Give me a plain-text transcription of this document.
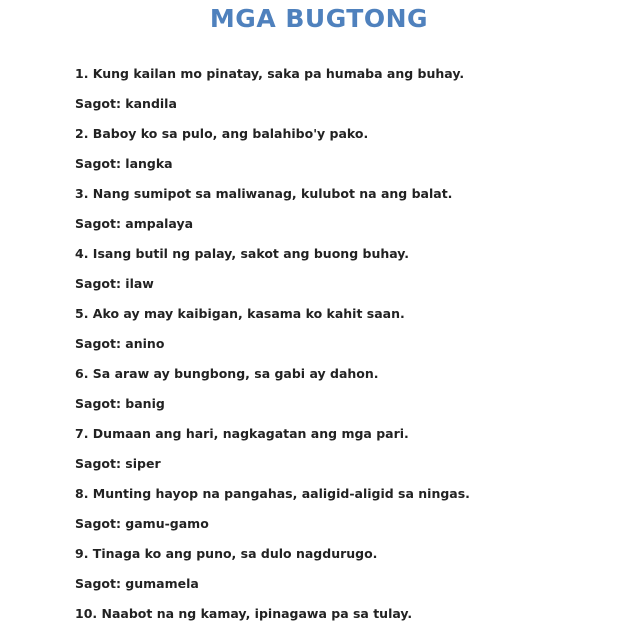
MGA BUGTONG
1. Kung kailan mo pinatay, saka pa humaba ang buhay.
Sagot: kandila
2. Baboy ko sa pulo, ang balahibo'y pako.
Sagot: langka
3. Nang sumipot sa maliwanag, kulubot na ang balat.
Sagot: ampalaya
4. Isang butil ng palay, sakot ang buong buhay.
Sagot: ilaw
5. Ako ay may kaibigan, kasama ko kahit saan.
Sagot: anino
6. Sa araw ay bungbong, sa gabi ay dahon.
Sagot: banig
7. Dumaan ang hari, nagkagatan ang mga pari.
Sagot: siper
8. Munting hayop na pangahas, aaligid-aligid sa ningas.
Sagot: gamu-gamo
9. Tinaga ko ang puno, sa dulo nagdurugo.
Sagot: gumamela
10. Naabot na ng kamay, ipinagawa pa sa tulay.
